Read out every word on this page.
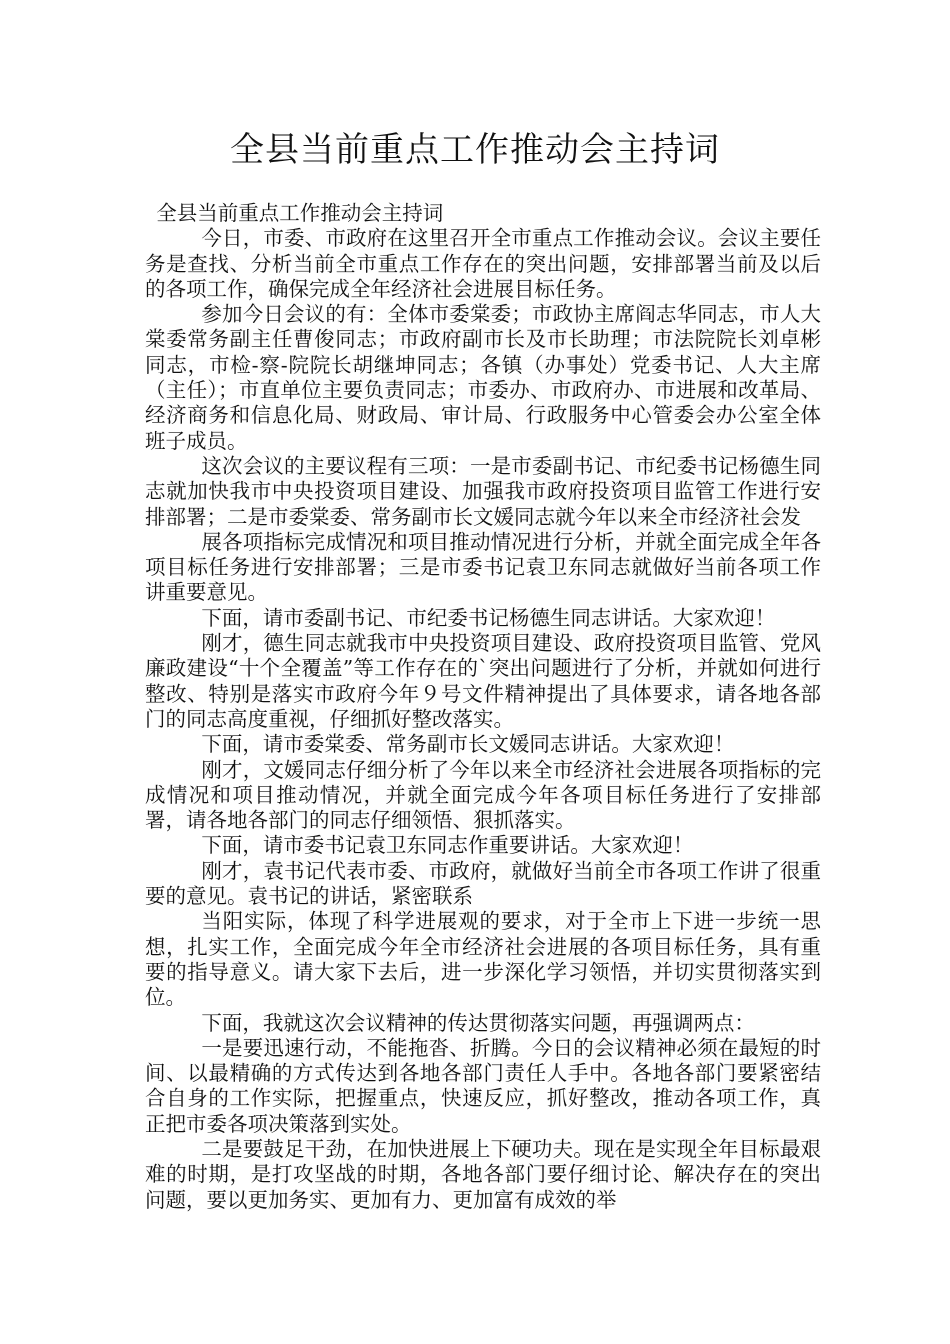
全县当前重点工作推动会主持词

全县当前重点工作推动会主持词

今日，市委、市政府在这里召开全市重点工作推动会议。会议主要任务是查找、分析当前全市重点工作存在的突出问题，安排部署当前及以后的各项工作，确保完成全年经济社会进展目标任务。

参加今日会议的有：全体市委棠委；市政协主席阎志华同志，市人大棠委常务副主任曹俊同志；市政府副市长及市长助理；市法院院长刘卓彬同志，市检-察-院院长胡继坤同志；各镇（办事处）党委书记、人大主席（主任）；市直单位主要负责同志；市委办、市政府办、市进展和改革局、经济商务和信息化局、财政局、审计局、行政服务中心管委会办公室全体班子成员。

这次会议的主要议程有三项：一是市委副书记、市纪委书记杨德生同志就加快我市中央投资项目建设、加强我市政府投资项目监管工作进行安排部署；二是市委棠委、常务副市长文媛同志就今年以来全市经济社会发

展各项指标完成情况和项目推动情况进行分析，并就全面完成全年各项目标任务进行安排部署；三是市委书记袁卫东同志就做好当前各项工作讲重要意见。

下面，请市委副书记、市纪委书记杨德生同志讲话。大家欢迎！

刚才，德生同志就我市中央投资项目建设、政府投资项目监管、党风廉政建设“十个全覆盖”等工作存在的`突出问题进行了分析，并就如何进行整改、特别是落实市政府今年９号文件精神提出了具体要求，请各地各部门的同志高度重视，仔细抓好整改落实。

下面，请市委棠委、常务副市长文媛同志讲话。大家欢迎！

刚才，文媛同志仔细分析了今年以来全市经济社会进展各项指标的完成情况和项目推动情况，并就全面完成今年各项目标任务进行了安排部署，请各地各部门的同志仔细领悟、狠抓落实。

下面，请市委书记袁卫东同志作重要讲话。大家欢迎！

刚才，袁书记代表市委、市政府，就做好当前全市各项工作讲了很重要的意见。袁书记的讲话，紧密联系

当阳实际，体现了科学进展观的要求，对于全市上下进一步统一思想，扎实工作，全面完成今年全市经济社会进展的各项目标任务，具有重要的指导意义。请大家下去后，进一步深化学习领悟，并切实贯彻落实到位。

下面，我就这次会议精神的传达贯彻落实问题，再强调两点：

一是要迅速行动，不能拖沓、折腾。今日的会议精神必须在最短的时间、以最精确的方式传达到各地各部门责任人手中。各地各部门要紧密结合自身的工作实际，把握重点，快速反应，抓好整改，推动各项工作，真正把市委各项决策落到实处。

二是要鼓足干劲，在加快进展上下硬功夫。现在是实现全年目标最艰难的时期，是打攻坚战的时期，各地各部门要仔细讨论、解决存在的突出问题，要以更加务实、更加有力、更加富有成效的举
